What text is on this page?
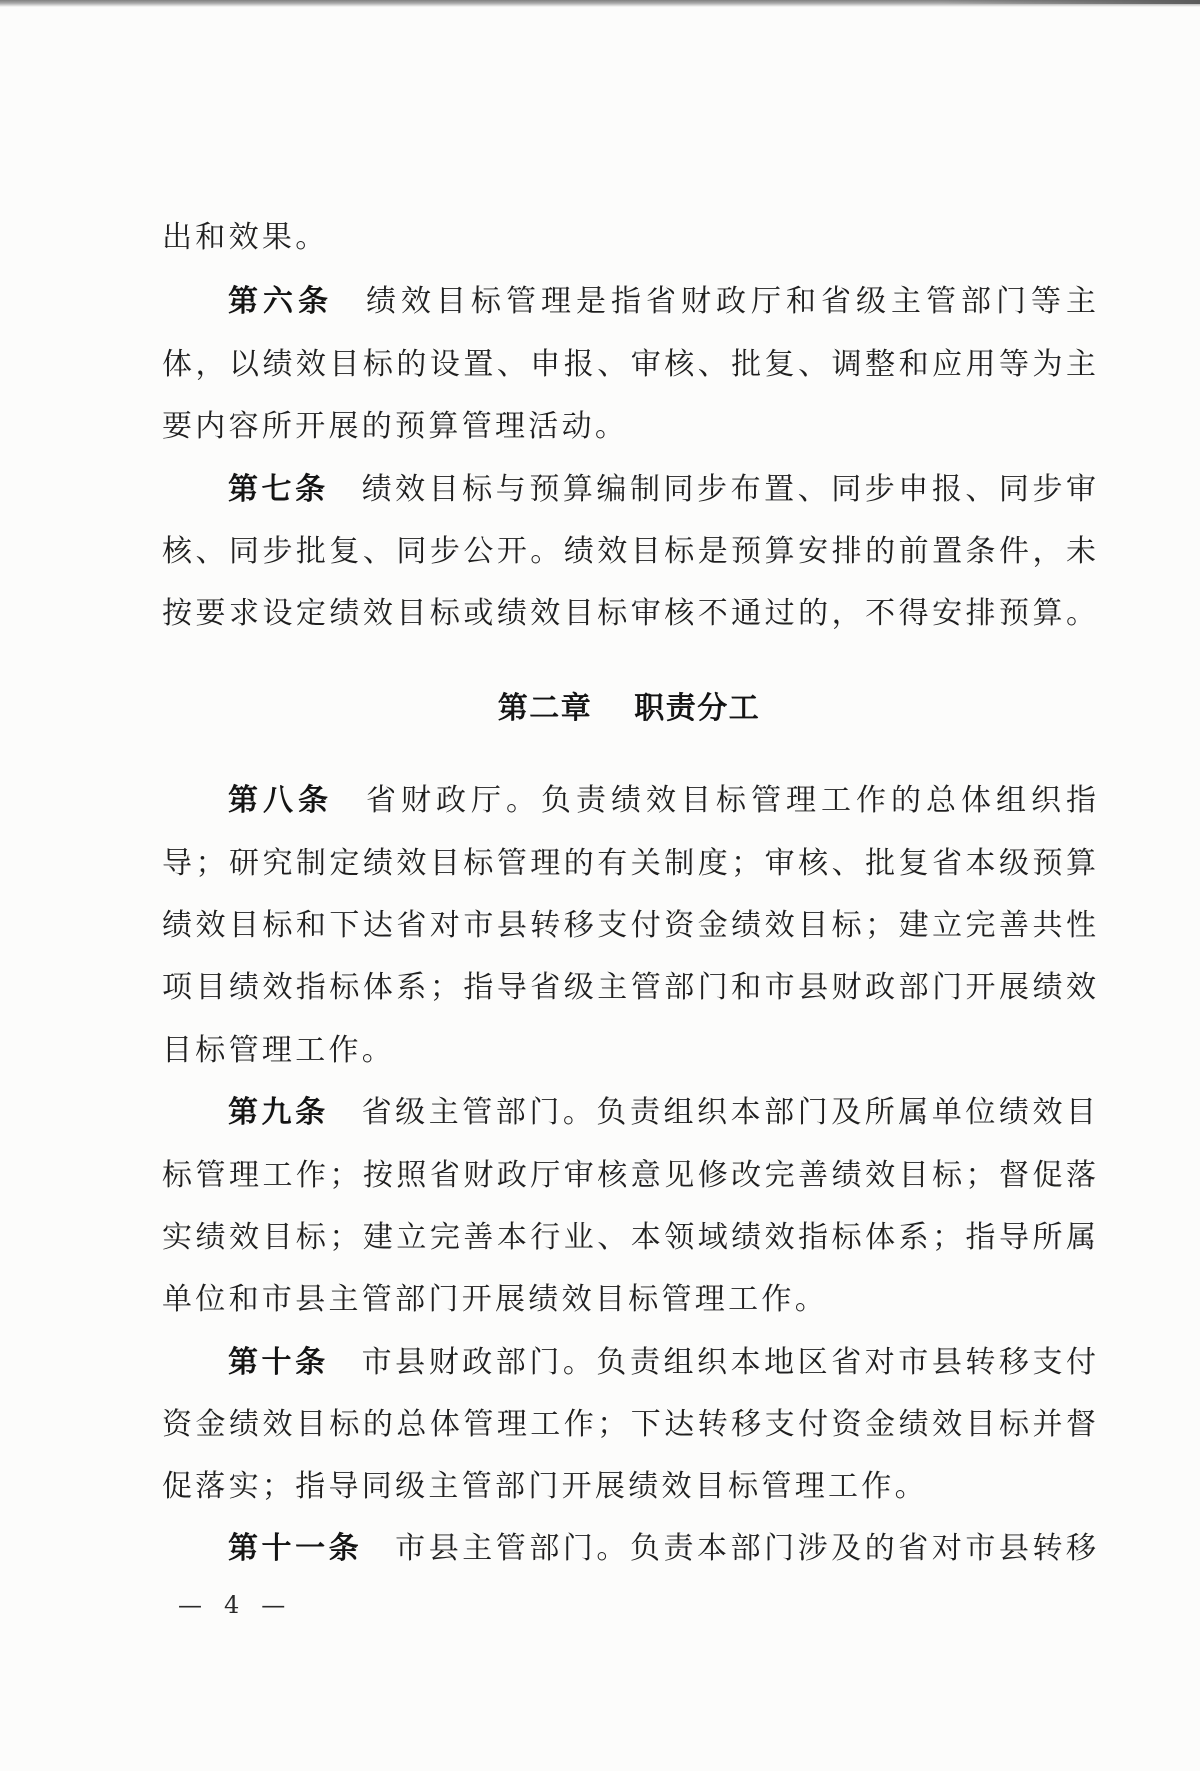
出和效果。
第六条 绩效目标管理是指省财政厅和省级主管部门等主
体，以绩效目标的设置、申报、审核、批复、调整和应用等为主
要内容所开展的预算管理活动。
第七条 绩效目标与预算编制同步布置、同步申报、同步审
核、同步批复、同步公开。绩效目标是预算安排的前置条件，未
按要求设定绩效目标或绩效目标审核不通过的，不得安排预算。
第二章 职责分工
第八条 省财政厅。负责绩效目标管理工作的总体组织指
导；研究制定绩效目标管理的有关制度；审核、批复省本级预算
绩效目标和下达省对市县转移支付资金绩效目标；建立完善共性
项目绩效指标体系；指导省级主管部门和市县财政部门开展绩效
目标管理工作。
第九条 省级主管部门。负责组织本部门及所属单位绩效目
标管理工作；按照省财政厅审核意见修改完善绩效目标；督促落
实绩效目标；建立完善本行业、本领域绩效指标体系；指导所属
单位和市县主管部门开展绩效目标管理工作。
第十条 市县财政部门。负责组织本地区省对市县转移支付
资金绩效目标的总体管理工作；下达转移支付资金绩效目标并督
促落实；指导同级主管部门开展绩效目标管理工作。
第十一条 市县主管部门。负责本部门涉及的省对市县转移
— 4 —
